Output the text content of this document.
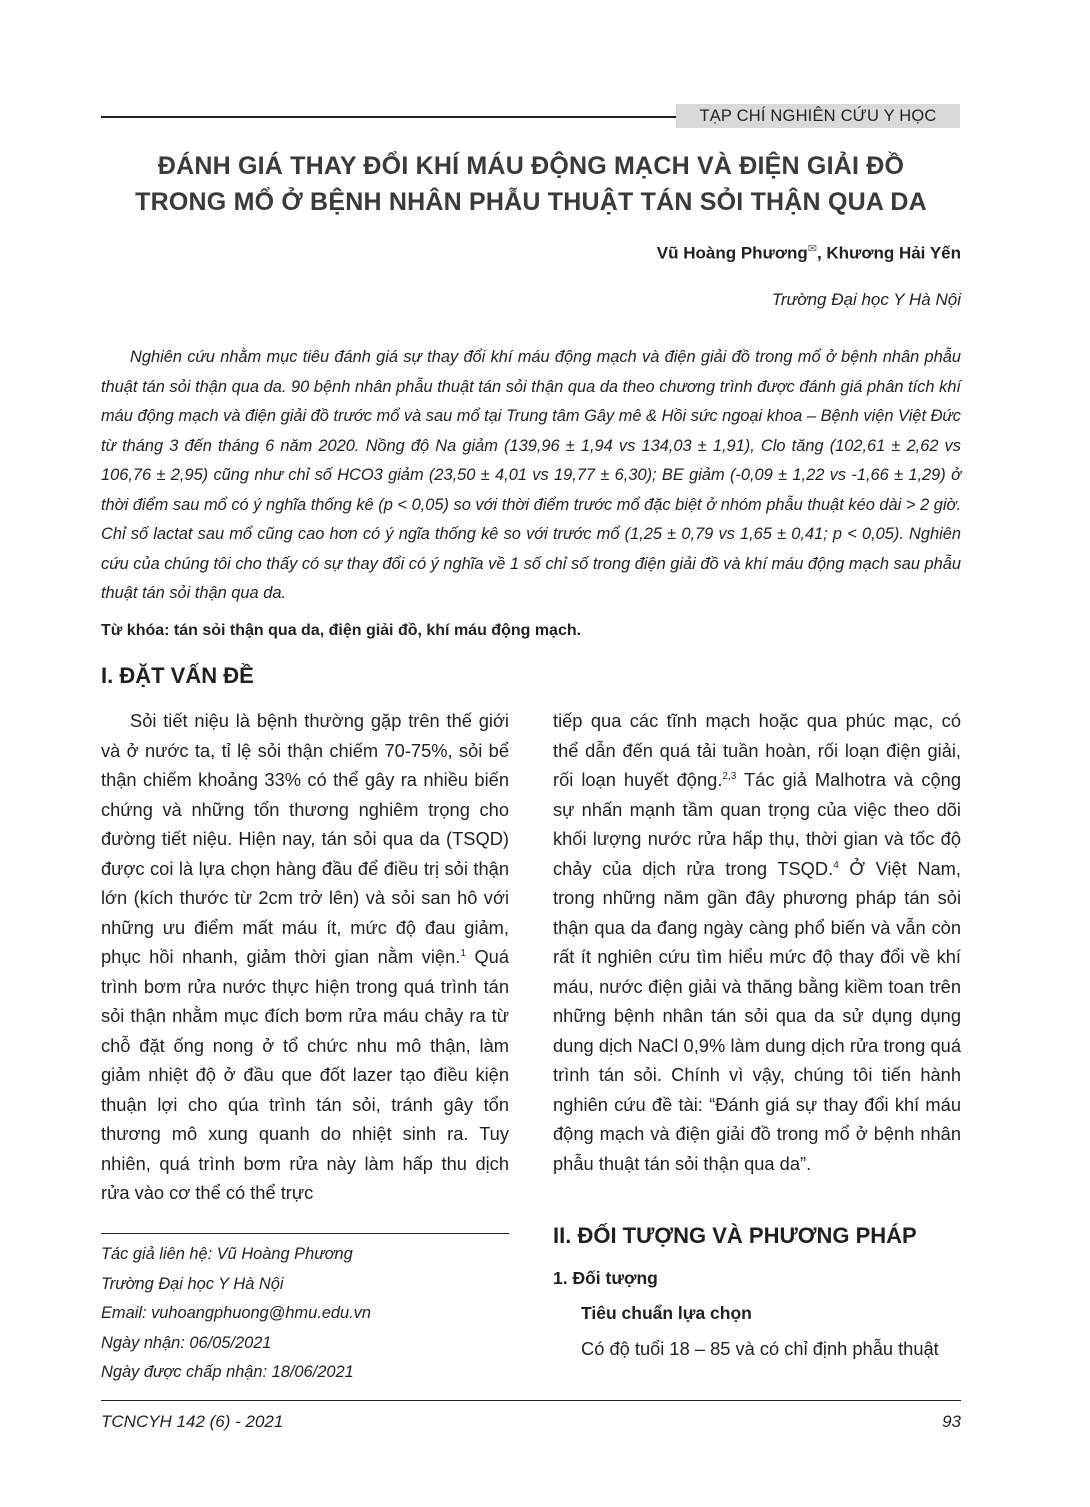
TẠP CHÍ NGHIÊN CỨU Y HỌC
ĐÁNH GIÁ THAY ĐỔI KHÍ MÁU ĐỘNG MẠCH VÀ ĐIỆN GIẢI ĐỒ
TRONG MỔ Ở BỆNH NHÂN PHẪU THUẬT TÁN SỎI THẬN QUA DA
Vũ Hoàng Phương✉, Khương Hải Yến
Trường Đại học Y Hà Nội
Nghiên cứu nhằm mục tiêu đánh giá sự thay đổi khí máu động mạch và điện giải đồ trong mổ ở bệnh nhân phẫu thuật tán sỏi thận qua da. 90 bệnh nhân phẫu thuật tán sỏi thận qua da theo chương trình được đánh giá phân tích khí máu động mạch và điện giải đồ trước mổ và sau mổ tại Trung tâm Gây mê & Hồi sức ngoại khoa – Bệnh viện Việt Đức từ tháng 3 đến tháng 6 năm 2020. Nồng độ Na giảm (139,96 ± 1,94 vs 134,03 ± 1,91), Clo tăng (102,61 ± 2,62 vs 106,76 ± 2,95) cũng như chỉ số HCO3 giảm (23,50 ± 4,01 vs 19,77 ± 6,30); BE giảm (-0,09 ± 1,22 vs -1,66 ± 1,29) ở thời điểm sau mổ có ý nghĩa thống kê (p < 0,05) so với thời điểm trước mổ đặc biệt ở nhóm phẫu thuật kéo dài > 2 giờ. Chỉ số lactat sau mổ cũng cao hơn có ý ngĩa thống kê so với trước mổ (1,25 ± 0,79 vs 1,65 ± 0,41; p < 0,05). Nghiên cứu của chúng tôi cho thấy có sự thay đổi có ý nghĩa về 1 số chỉ số trong điện giải đồ và khí máu động mạch sau phẫu thuật tán sỏi thận qua da.
Từ khóa: tán sỏi thận qua da, điện giải đồ, khí máu động mạch.
I. ĐẶT VẤN ĐỀ

Sỏi tiết niệu là bệnh thường gặp trên thế giới và ở nước ta, tỉ lệ sỏi thận chiếm 70-75%, sỏi bể thận chiếm khoảng 33% có thể gây ra nhiều biến chứng và những tổn thương nghiêm trọng cho đường tiết niệu. Hiện nay, tán sỏi qua da (TSQD) được coi là lựa chọn hàng đầu để điều trị sỏi thận lớn (kích thước từ 2cm trở lên) và sỏi san hô với những ưu điểm mất máu ít, mức độ đau giảm, phục hồi nhanh, giảm thời gian nằm viện.$^1$ Quá trình bơm rửa nước thực hiện trong quá trình tán sỏi thận nhằm mục đích bơm rửa máu chảy ra từ chỗ đặt ống nong ở tổ chức nhu mô thận, làm giảm nhiệt độ ở đầu que đốt lazer tạo điều kiện thuận lợi cho qúa trình tán sỏi, tránh gây tổn thương mô xung quanh do nhiệt sinh ra. Tuy nhiên, quá trình bơm rửa này làm hấp thu dịch rửa vào cơ thể có thể trực

tiếp qua các tĩnh mạch hoặc qua phúc mạc, có thể dẫn đến quá tải tuần hoàn, rối loạn điện giải, rối loạn huyết động.$^{2,3}$ Tác giả Malhotra và cộng sự nhấn mạnh tầm quan trọng của việc theo dõi khối lượng nước rửa hấp thụ, thời gian và tốc độ chảy của dịch rửa trong TSQD.$^4$ Ở Việt Nam, trong những năm gần đây phương pháp tán sỏi thận qua da đang ngày càng phổ biến và vẫn còn rất ít nghiên cứu tìm hiểu mức độ thay đổi về khí máu, nước điện giải và thăng bằng kiềm toan trên những bệnh nhân tán sỏi qua da sử dụng dụng dung dịch NaCl 0,9% làm dung dịch rửa trong quá trình tán sỏi. Chính vì vậy, chúng tôi tiến hành nghiên cứu đề tài: “Đánh giá sự thay đổi khí máu động mạch và điện giải đồ trong mổ ở bệnh nhân phẫu thuật tán sỏi thận qua da”.

II. ĐỐI TƯỢNG VÀ PHƯƠNG PHÁP
1. Đối tượng
Tiêu chuẩn lựa chọn
Có độ tuổi 18 – 85 và có chỉ định phẫu thuật
Tác giả liên hệ: Vũ Hoàng Phương
Trường Đại học Y Hà Nội
Email: vuhoangphuong@hmu.edu.vn
Ngày nhận: 06/05/2021
Ngày được chấp nhận: 18/06/2021
TCNCYH 142 (6) - 2021	93
